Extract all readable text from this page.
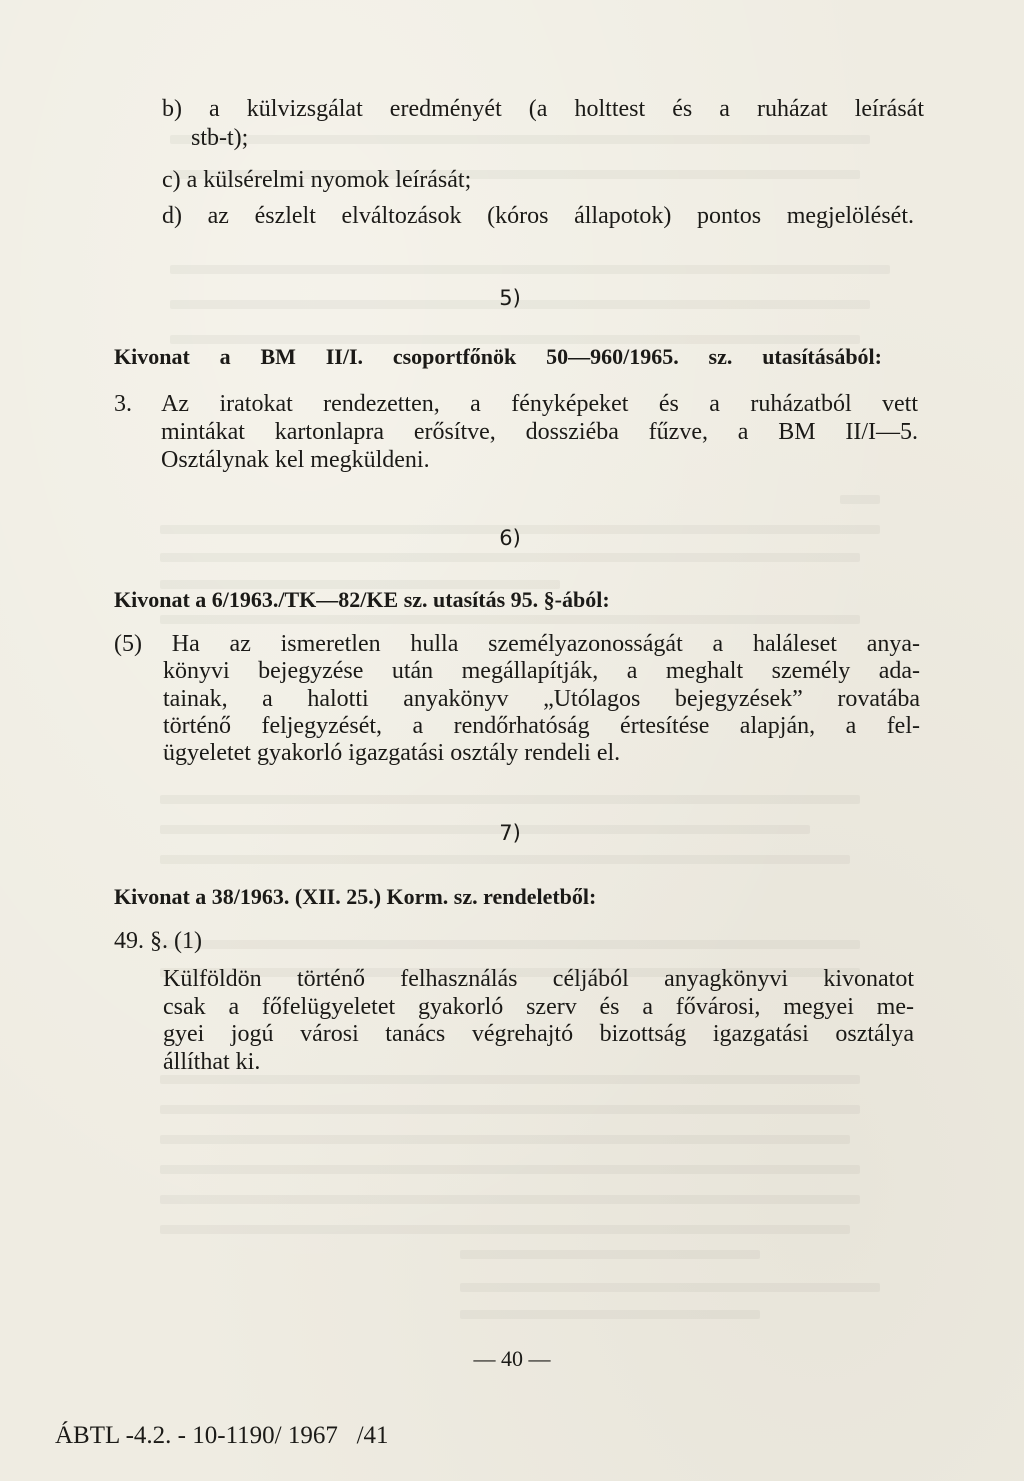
b) a külvizsgálat eredményét (a holttest és a ruházat leírását
stb-t);
c) a külsérelmi nyomok leírását;
d) az észlelt elváltozások (kóros állapotok) pontos megjelölését.
5)
Kivonat a BM II/I. csoportfőnök 50—960/1965. sz. utasításából:
3. Az iratokat rendezetten, a fényképeket és a ruházatból vett
mintákat kartonlapra erősítve, dossziéba fűzve, a BM II/I—5.
Osztálynak kel megküldeni.
6)
Kivonat a 6/1963./TK—82/KE sz. utasítás 95. §-ából:
(5) Ha az ismeretlen hulla személyazonosságát a haláleset anya-
könyvi bejegyzése után megállapítják, a meghalt személy ada-
tainak, a halotti anyakönyv „Utólagos bejegyzések” rovatába
történő feljegyzését, a rendőrhatóság értesítése alapján, a fel-
ügyeletet gyakorló igazgatási osztály rendeli el.
7)
Kivonat a 38/1963. (XII. 25.) Korm. sz. rendeletből:
49. §. (1)
Külföldön történő felhasználás céljából anyagkönyvi kivonatot
csak a főfelügyeletet gyakorló szerv és a fővárosi, megyei me-
gyei jogú városi tanács végrehajtó bizottság igazgatási osztálya
állíthat ki.
— 40 —
ÁBTL -4.2. - 10-1190/ 1967   /41
